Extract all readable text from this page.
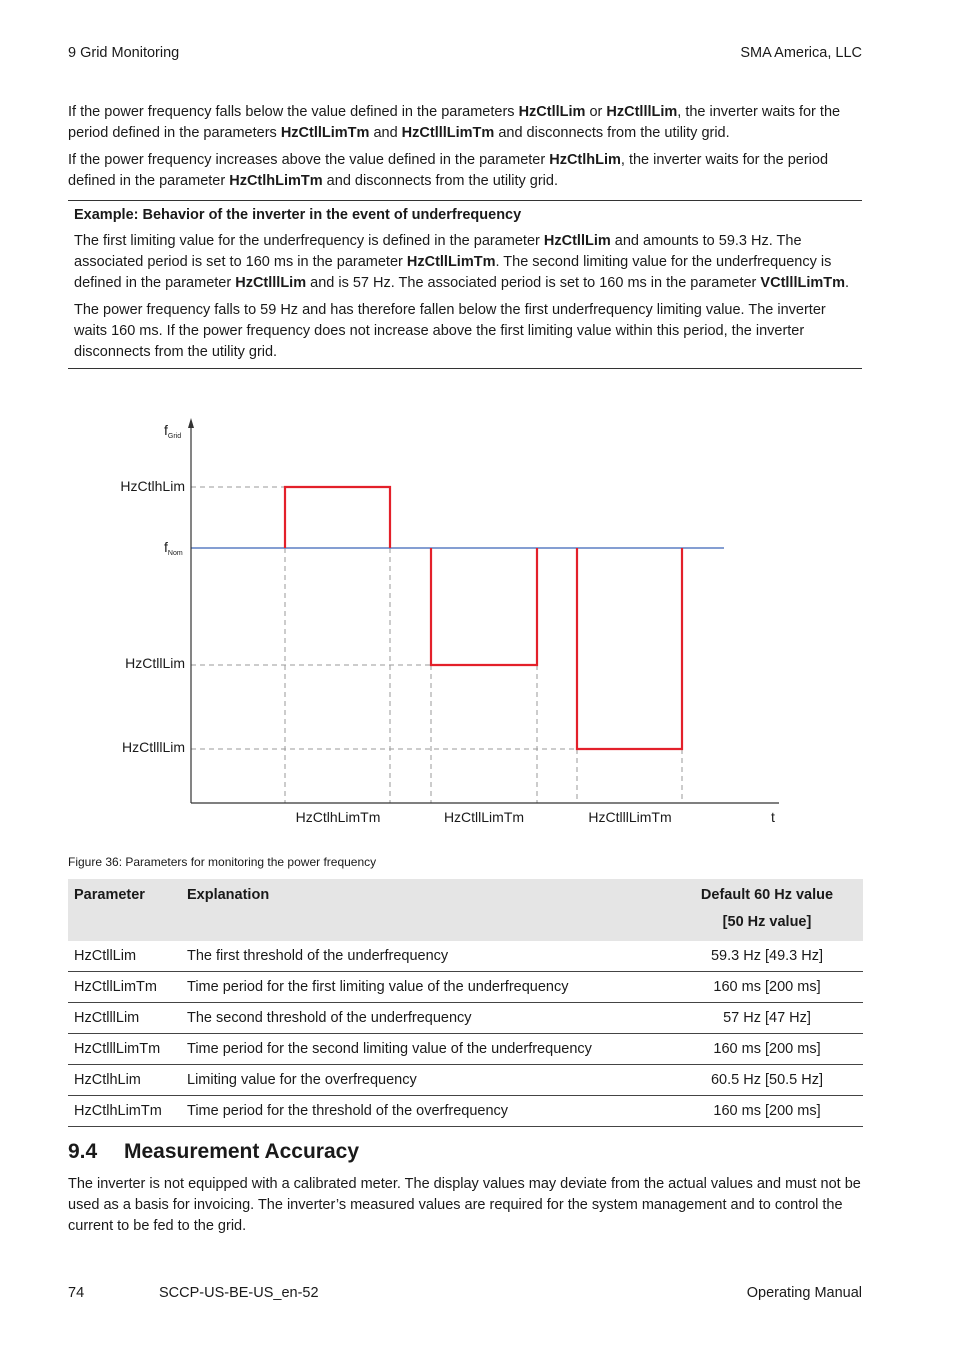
9 Grid Monitoring	SMA America, LLC

If the power frequency falls below the value defined in the parameters HzCtllLim or HzCtlllLim, the inverter waits for the period defined in the parameters HzCtllLimTm and HzCtlllLimTm and disconnects from the utility grid.

If the power frequency increases above the value defined in the parameter HzCtlhLim, the inverter waits for the period defined in the parameter HzCtlhLimTm and disconnects from the utility grid.

Example: Behavior of the inverter in the event of underfrequency

The first limiting value for the underfrequency is defined in the parameter HzCtllLim and amounts to 59.3 Hz. The associated period is set to 160 ms in the parameter HzCtllLimTm. The second limiting value for the underfrequency is defined in the parameter HzCtlllLim and is 57 Hz. The associated period is set to 160 ms in the parameter VCtlllLimTm.

The power frequency falls to 59 Hz and has therefore fallen below the first underfrequency limiting value. The inverter waits 160 ms. If the power frequency does not increase above the first limiting value within this period, the inverter disconnects from the utility grid.

$f_{Grid}$
HzCtlhLim
$f_{Nom}$
HzCtllLim
HzCtlllLim
HzCtlhLimTm	HzCtllLimTm	HzCtlllLimTm	t
Figure 36: Parameters for monitoring the power frequency
Parameter	Explanation	Default 60 Hz value
[50 Hz value]
HzCtllLim	The first threshold of the underfrequency	59.3 Hz [49.3 Hz]
HzCtllLimTm	Time period for the first limiting value of the underfrequency	160 ms [200 ms]
HzCtlllLim	The second threshold of the underfrequency	57 Hz [47 Hz]
HzCtlllLimTm	Time period for the second limiting value of the underfrequency	160 ms [200 ms]
HzCtlhLim	Limiting value for the overfrequency	60.5 Hz [50.5 Hz]
HzCtlhLimTm	Time period for the threshold of the overfrequency	160 ms [200 ms]
9.4 Measurement Accuracy
The inverter is not equipped with a calibrated meter. The display values may deviate from the actual values and must not be used as a basis for invoicing. The inverter’s measured values are required for the system management and to control the current to be fed to the grid.
74	SCCP-US-BE-US_en-52	Operating Manual
